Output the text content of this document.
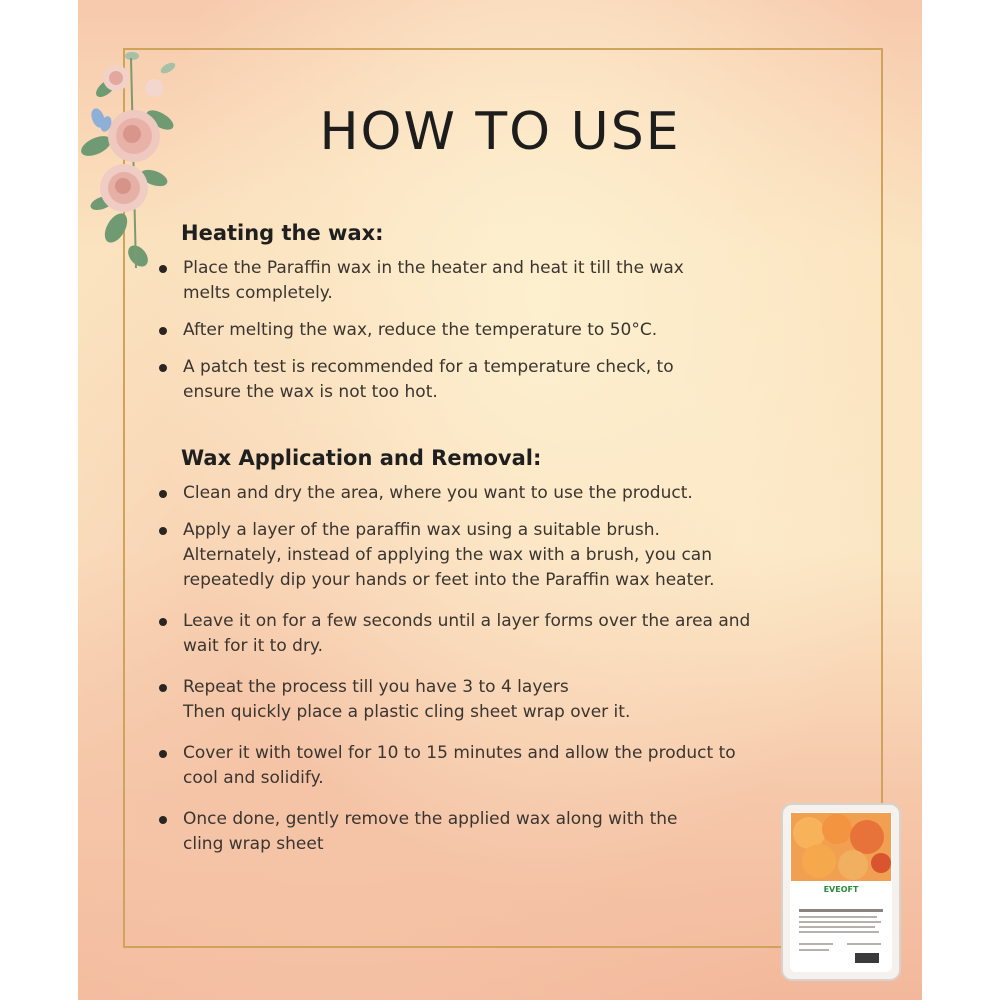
HOW TO USE
Heating the wax:
Place the Paraffin wax in the heater and heat it till the wax
melts completely.
After melting the wax, reduce the temperature to 50°C.
A patch test is recommended for a temperature check, to
ensure the wax is not too hot.
Wax Application and Removal:
Clean and dry the area, where you want to use the product.
Apply a layer of the paraffin wax using a suitable brush.
Alternately, instead of applying the wax with a brush, you can
repeatedly dip your hands or feet into the Paraffin wax heater.
Leave it on for a few seconds until a layer forms over the area and
wait for it to dry.
Repeat the process till you have 3 to 4 layers
Then quickly place a plastic cling sheet wrap over it.
Cover it with towel for 10 to 15 minutes and allow the product to
cool and solidify.
Once done, gently remove the applied wax along with the
cling wrap sheet
EVEOFT
